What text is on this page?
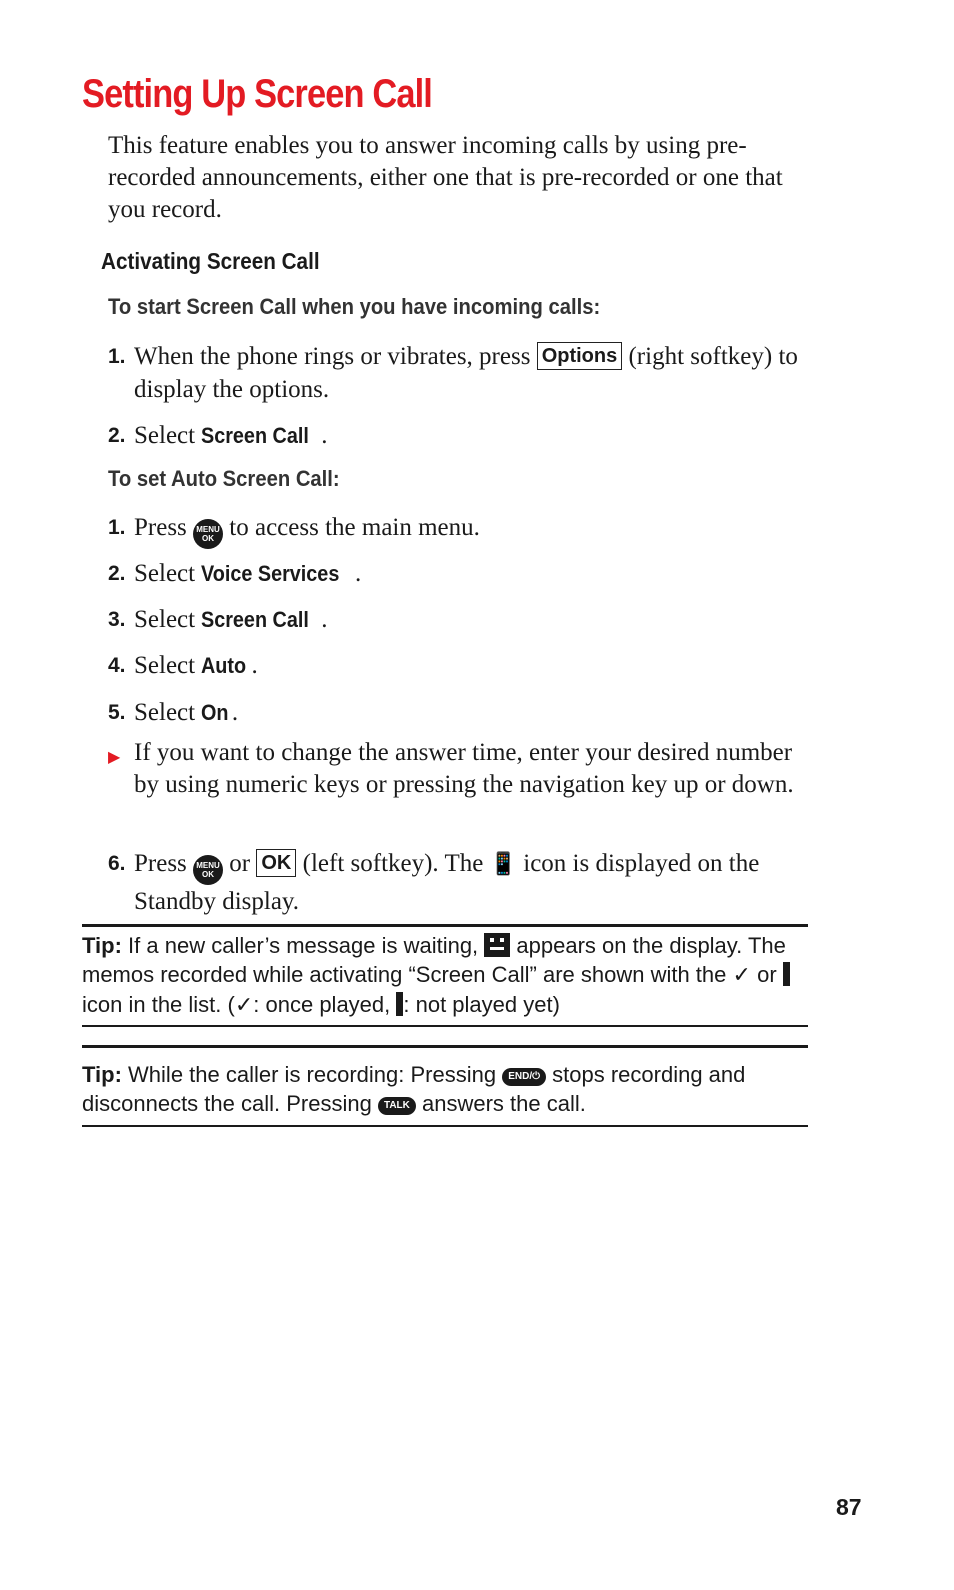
Setting Up Screen Call

This feature enables you to answer incoming calls by using pre-recorded announcements, either one that is pre-recorded or one that you record.

Activating Screen Call
To start Screen Call when you have incoming calls:
1. When the phone rings or vibrates, press Options (right softkey) to display the options.
2. Select Screen Call .
To set Auto Screen Call:
1. Press MENU
OK to access the main menu.
2. Select Voice Services .
3. Select Screen Call .
4. Select Auto .
5. Select On .
▶ If you want to change the answer time, enter your desired number by using numeric keys or pressing the navigation key up or down.
6. Press MENU
OK or OK (left softkey). The 📱 icon is displayed on the Standby display.

Tip: If a new caller’s message is waiting, appears on the display. The memos recorded while activating “Screen Call” are shown with the ✓ or  icon in the list. (✓: once played, : not played yet)

Tip: While the caller is recording: Pressing END/⏻ stops recording and disconnects the call. Pressing TALK answers the call.

87
